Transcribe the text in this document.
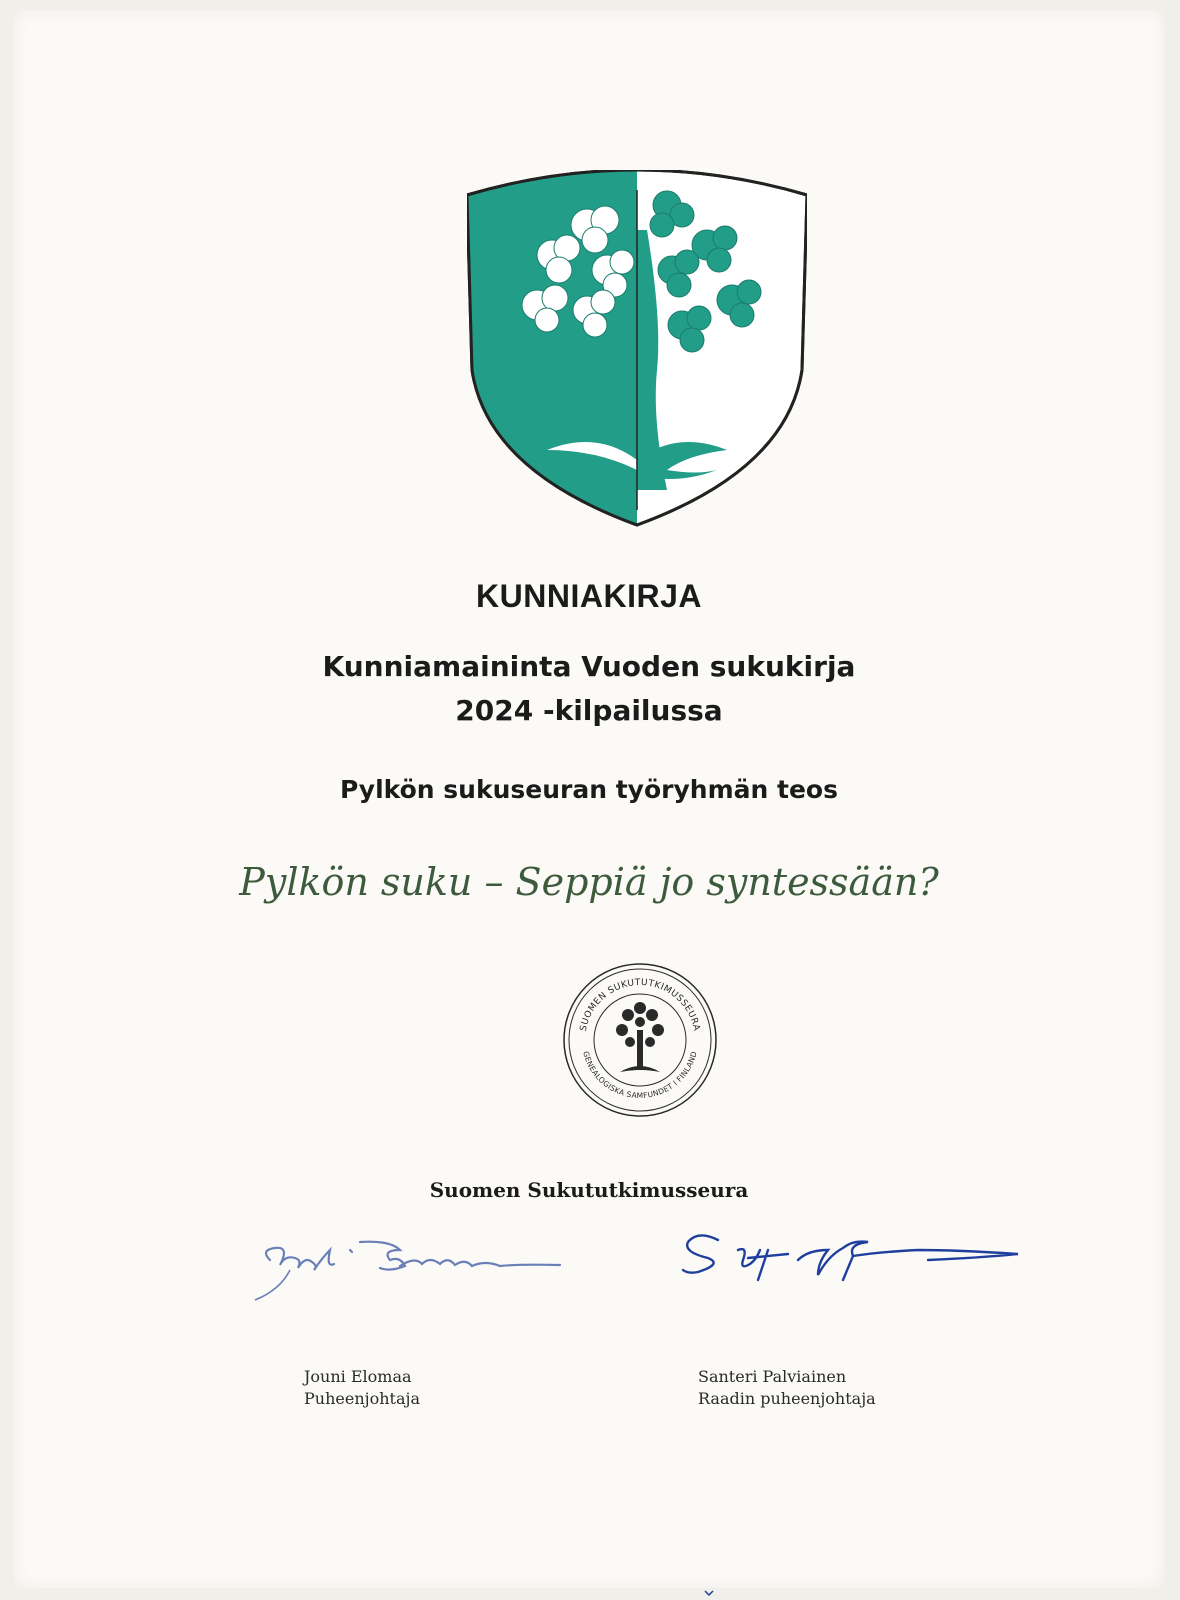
KUNNIAKIRJA
Kunniamaininta Vuoden sukukirja
2024 -kilpailussa
Pylkön sukuseuran työryhmän teos
Pylkön suku – Seppiä jo syntessään?
SUOMEN SUKUTUTKIMUSSEURA
GENEALOGISKA SAMFUNDET I FINLAND
Suomen Sukututkimusseura
Jouni Elomaa
Puheenjohtaja
Santeri Palviainen
Raadin puheenjohtaja
